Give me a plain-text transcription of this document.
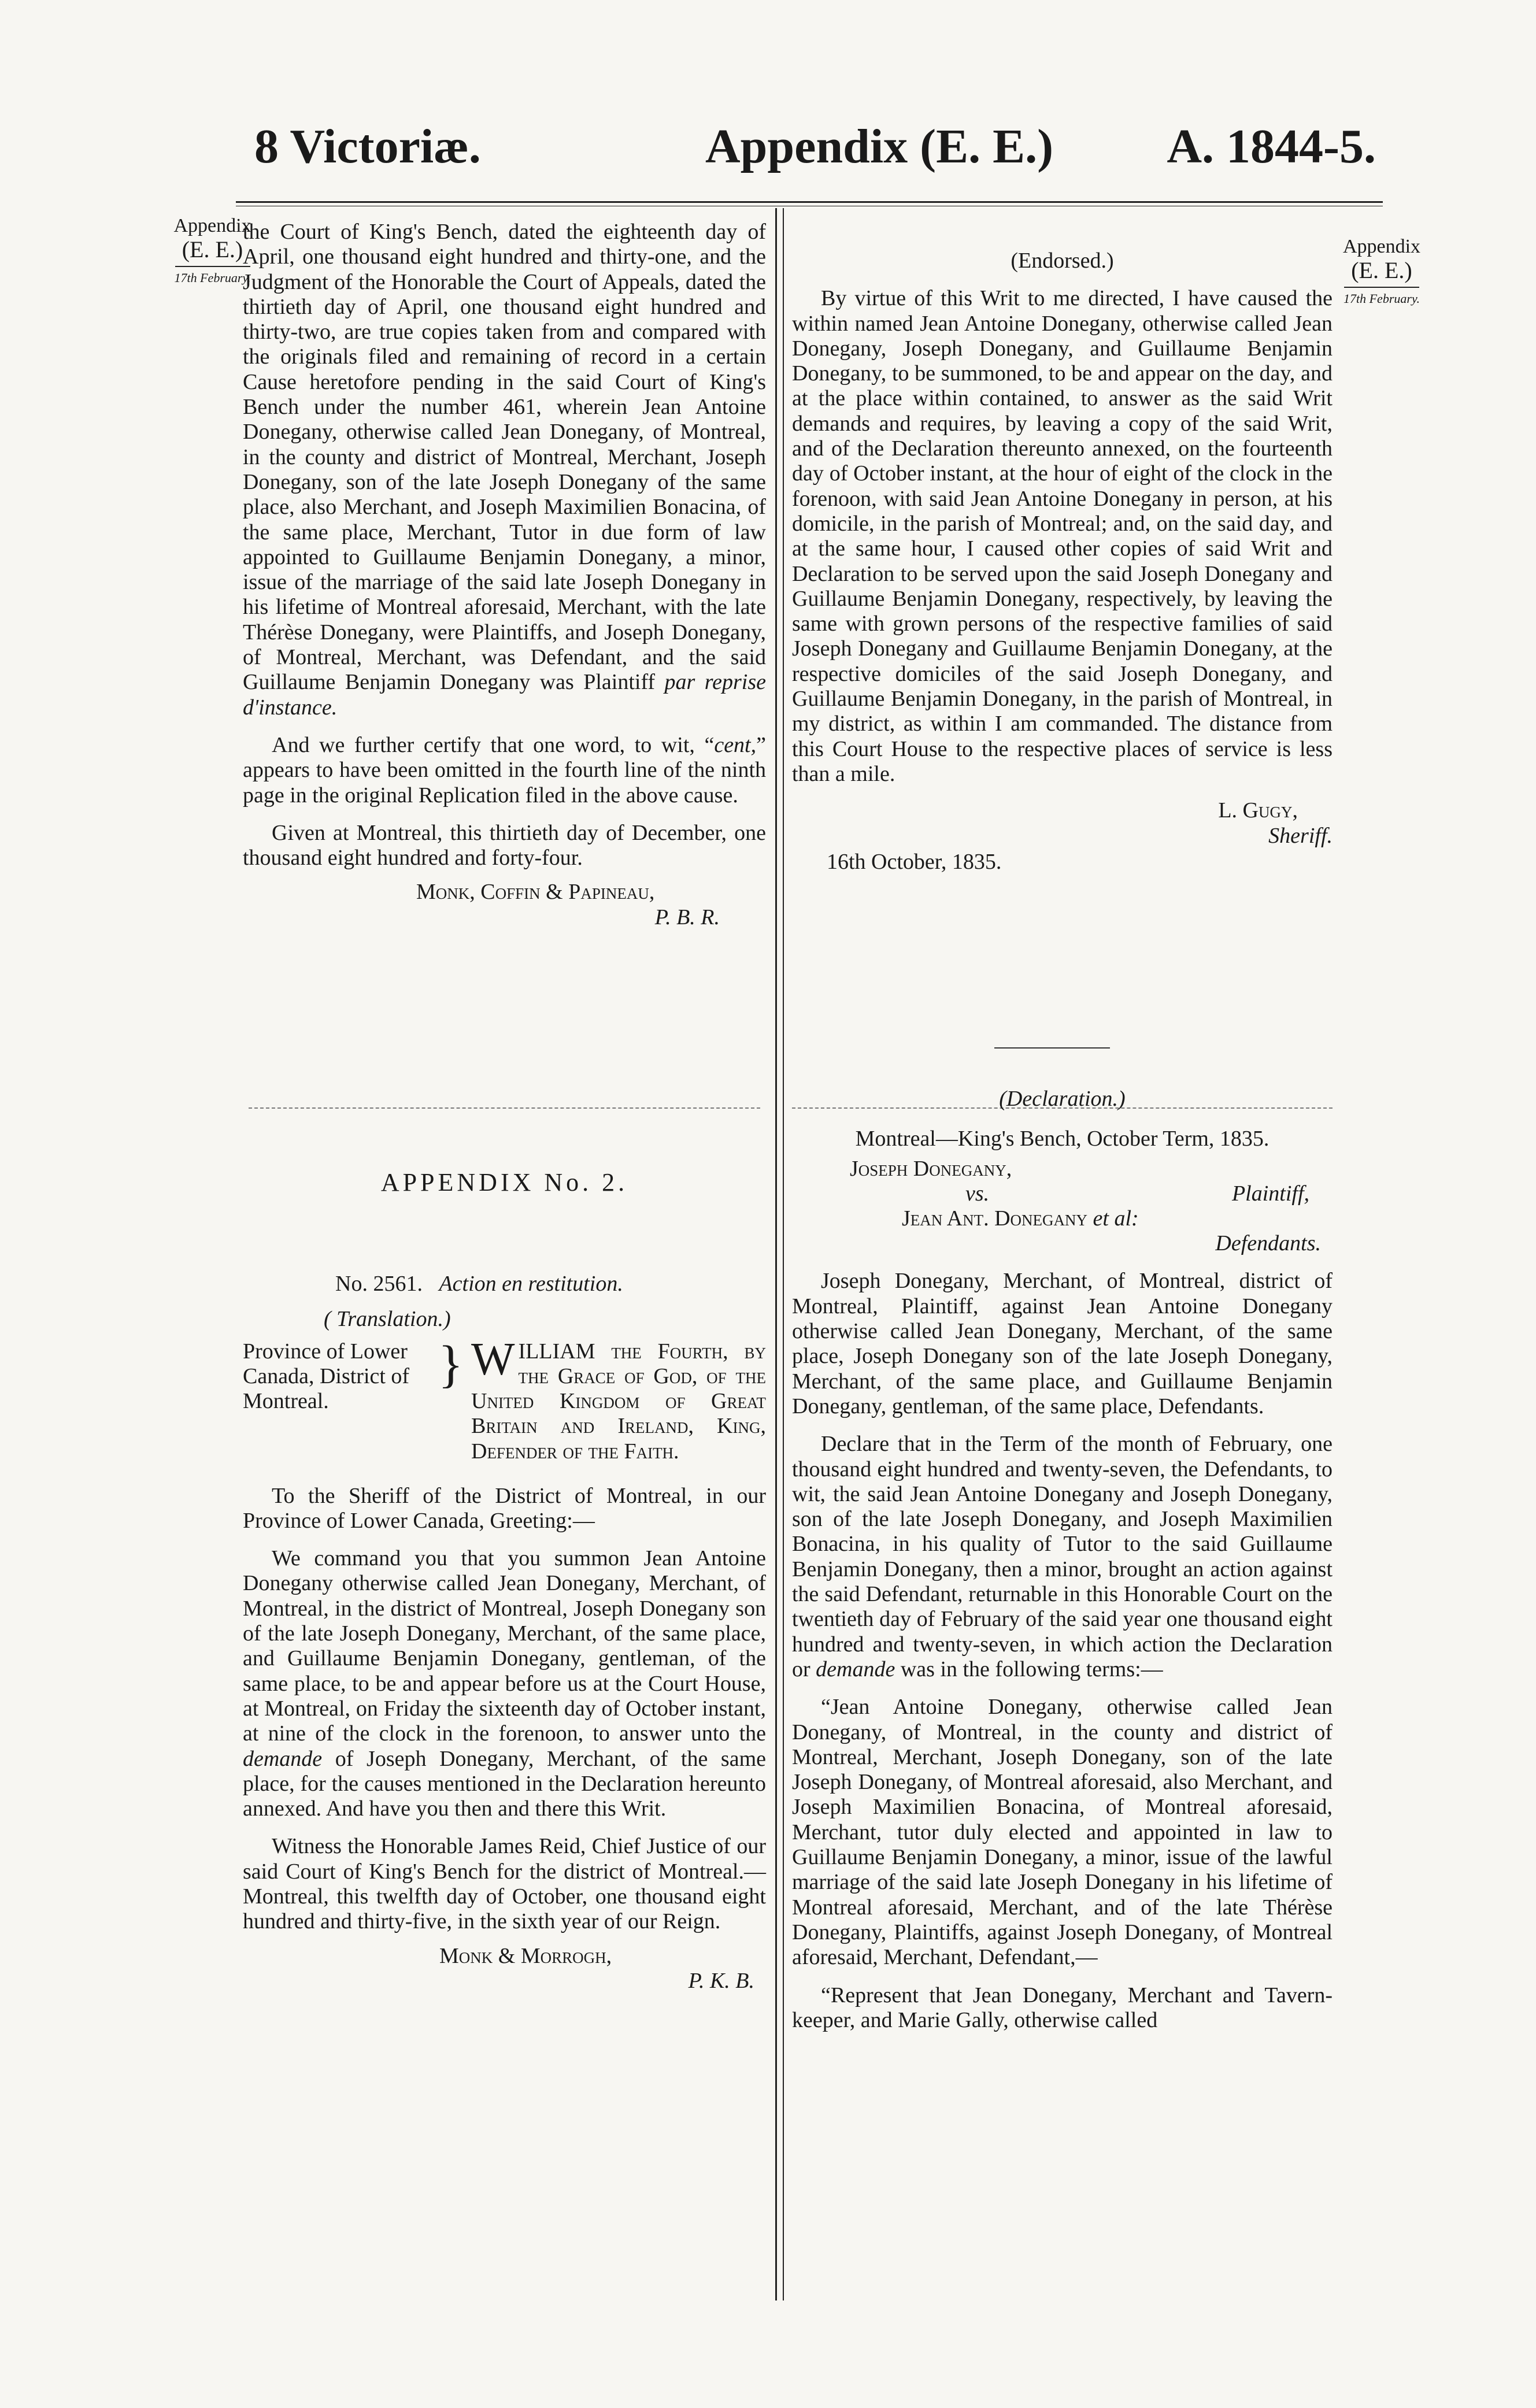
8 Victoriæ.	Appendix (E. E.) A. 1844-5.
Appendix
(E. E.)
17th February.
Appendix
(E. E.)
17th February.

the Court of King's Bench, dated the eighteenth day of April, one thousand eight hundred and thirty-one, and the Judgment of the Honorable the Court of Appeals, dated the thirtieth day of April, one thousand eight hundred and thirty-two, are true copies taken from and compared with the originals filed and remaining of record in a certain Cause heretofore pending in the said Court of King's Bench under the number 461, wherein Jean Antoine Donegany, otherwise called Jean Donegany, of Montreal, in the county and district of Montreal, Merchant, Joseph Donegany, son of the late Joseph Donegany of the same place, also Merchant, and Joseph Maximilien Bonacina, of the same place, Merchant, Tutor in due form of law appointed to Guillaume Benjamin Donegany, a minor, issue of the marriage of the said late Joseph Donegany in his lifetime of Montreal aforesaid, Merchant, with the late Thérèse Donegany, were Plaintiffs, and Joseph Donegany, of Montreal, Merchant, was Defendant, and the said Guillaume Benjamin Donegany was Plaintiff par reprise d'instance.

And we further certify that one word, to wit, “cent,” appears to have been omitted in the fourth line of the ninth page in the original Replication filed in the above cause.

Given at Montreal, this thirtieth day of December, one thousand eight hundred and forty-four.

Monk, Coffin & Papineau,

P. B. R.

APPENDIX No. 2.

No. 2561. Action en restitution.

( Translation.)

Province of Lower Canada, District of Montreal.
} WILLIAM the Fourth, by the Grace of God, of the United Kingdom of Great Britain and Ireland, King, Defender of the Faith.

To the Sheriff of the District of Montreal, in our Province of Lower Canada, Greeting:—

We command you that you summon Jean Antoine Donegany otherwise called Jean Donegany, Merchant, of Montreal, in the district of Montreal, Joseph Donegany son of the late Joseph Donegany, Merchant, of the same place, and Guillaume Benjamin Donegany, gentleman, of the same place, to be and appear before us at the Court House, at Montreal, on Friday the sixteenth day of October instant, at nine of the clock in the forenoon, to answer unto the demande of Joseph Donegany, Merchant, of the same place, for the causes mentioned in the Declaration hereunto annexed. And have you then and there this Writ.

Witness the Honorable James Reid, Chief Justice of our said Court of King's Bench for the district of Montreal.—Montreal, this twelfth day of October, one thousand eight hundred and thirty-five, in the sixth year of our Reign.

Monk & Morrogh,

P. K. B.

(Endorsed.)

By virtue of this Writ to me directed, I have caused the within named Jean Antoine Donegany, otherwise called Jean Donegany, Joseph Donegany, and Guillaume Benjamin Donegany, to be summoned, to be and appear on the day, and at the place within contained, to answer as the said Writ demands and requires, by leaving a copy of the said Writ, and of the Declaration thereunto annexed, on the fourteenth day of October instant, at the hour of eight of the clock in the forenoon, with said Jean Antoine Donegany in person, at his domicile, in the parish of Montreal; and, on the said day, and at the same hour, I caused other copies of said Writ and Declaration to be served upon the said Joseph Donegany and Guillaume Benjamin Donegany, respectively, by leaving the same with grown persons of the respective families of said Joseph Donegany and Guillaume Benjamin Donegany, at the respective domiciles of the said Joseph Donegany, and Guillaume Benjamin Donegany, in the parish of Montreal, in my district, as within I am commanded. The distance from this Court House to the respective places of service is less than a mile.

L. Gugy,

Sheriff.

16th October, 1835.

(Declaration.)

Montreal—King's Bench, October Term, 1835.

Joseph Donegany,

vs.	Plaintiff,

Jean Ant. Donegany et al:

Defendants.

Joseph Donegany, Merchant, of Montreal, district of Montreal, Plaintiff, against Jean Antoine Donegany otherwise called Jean Donegany, Merchant, of the same place, Joseph Donegany son of the late Joseph Donegany, Merchant, of the same place, and Guillaume Benjamin Donegany, gentleman, of the same place, Defendants.

Declare that in the Term of the month of February, one thousand eight hundred and twenty-seven, the Defendants, to wit, the said Jean Antoine Donegany and Joseph Donegany, son of the late Joseph Donegany, and Joseph Maximilien Bonacina, in his quality of Tutor to the said Guillaume Benjamin Donegany, then a minor, brought an action against the said Defendant, returnable in this Honorable Court on the twentieth day of February of the said year one thousand eight hundred and twenty-seven, in which action the Declaration or demande was in the following terms:—

“Jean Antoine Donegany, otherwise called Jean Donegany, of Montreal, in the county and district of Montreal, Merchant, Joseph Donegany, son of the late Joseph Donegany, of Montreal aforesaid, also Merchant, and Joseph Maximilien Bonacina, of Montreal aforesaid, Merchant, tutor duly elected and appointed in law to Guillaume Benjamin Donegany, a minor, issue of the lawful marriage of the said late Joseph Donegany in his lifetime of Montreal aforesaid, Merchant, and of the late Thérèse Donegany, Plaintiffs, against Joseph Donegany, of Montreal aforesaid, Merchant, Defendant,—

“Represent that Jean Donegany, Merchant and Tavern-keeper, and Marie Gally, otherwise called
